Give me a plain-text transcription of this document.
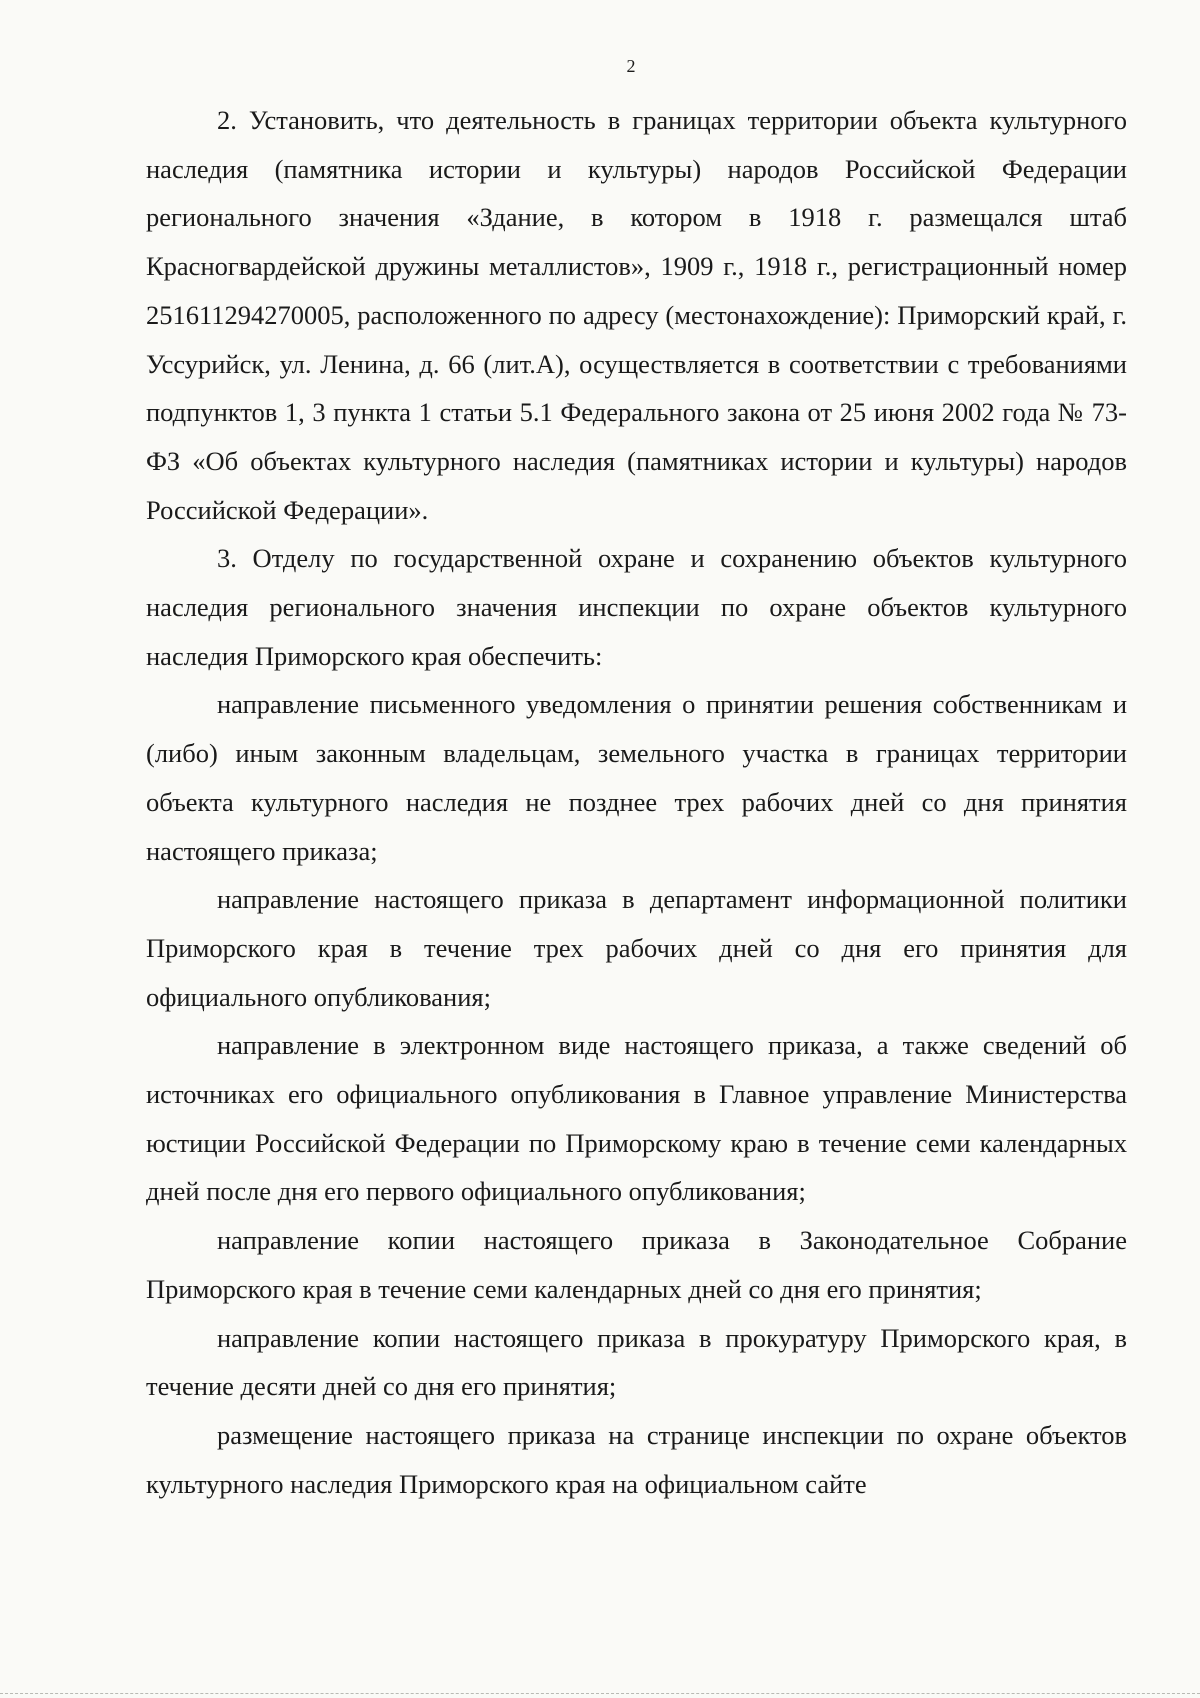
2

2. Установить, что деятельность в границах территории объекта культурного наследия (памятника истории и культуры) народов Российской Федерации регионального значения «Здание, в котором в 1918 г. размещался штаб Красногвардейской дружины металлистов», 1909 г., 1918 г., регистрационный номер 251611294270005, расположенного по адресу (местонахождение): Приморский край, г. Уссурийск, ул. Ленина, д. 66 (лит.А), осуществляется в соответствии с требованиями подпунктов 1, 3 пункта 1 статьи 5.1 Федерального закона от 25 июня 2002 года № 73-ФЗ «Об объектах культурного наследия (памятниках истории и культуры) народов Российской Федерации».

3. Отделу по государственной охране и сохранению объектов культурного наследия регионального значения инспекции по охране объектов культурного наследия Приморского края обеспечить:

направление письменного уведомления о принятии решения собственникам и (либо) иным законным владельцам, земельного участка в границах территории объекта культурного наследия не позднее трех рабочих дней со дня принятия настоящего приказа;

направление настоящего приказа в департамент информационной политики Приморского края в течение трех рабочих дней со дня его принятия для официального опубликования;

направление в электронном виде настоящего приказа, а также сведений об источниках его официального опубликования в Главное управление Министерства юстиции Российской Федерации по Приморскому краю в течение семи календарных дней после дня его первого официального опубликования;

направление копии настоящего приказа в Законодательное Собрание Приморского края в течение семи календарных дней со дня его принятия;

направление копии настоящего приказа в прокуратуру Приморского края, в течение десяти дней со дня его принятия;

размещение настоящего приказа на странице инспекции по охране объектов культурного наследия Приморского края на официальном сайте
